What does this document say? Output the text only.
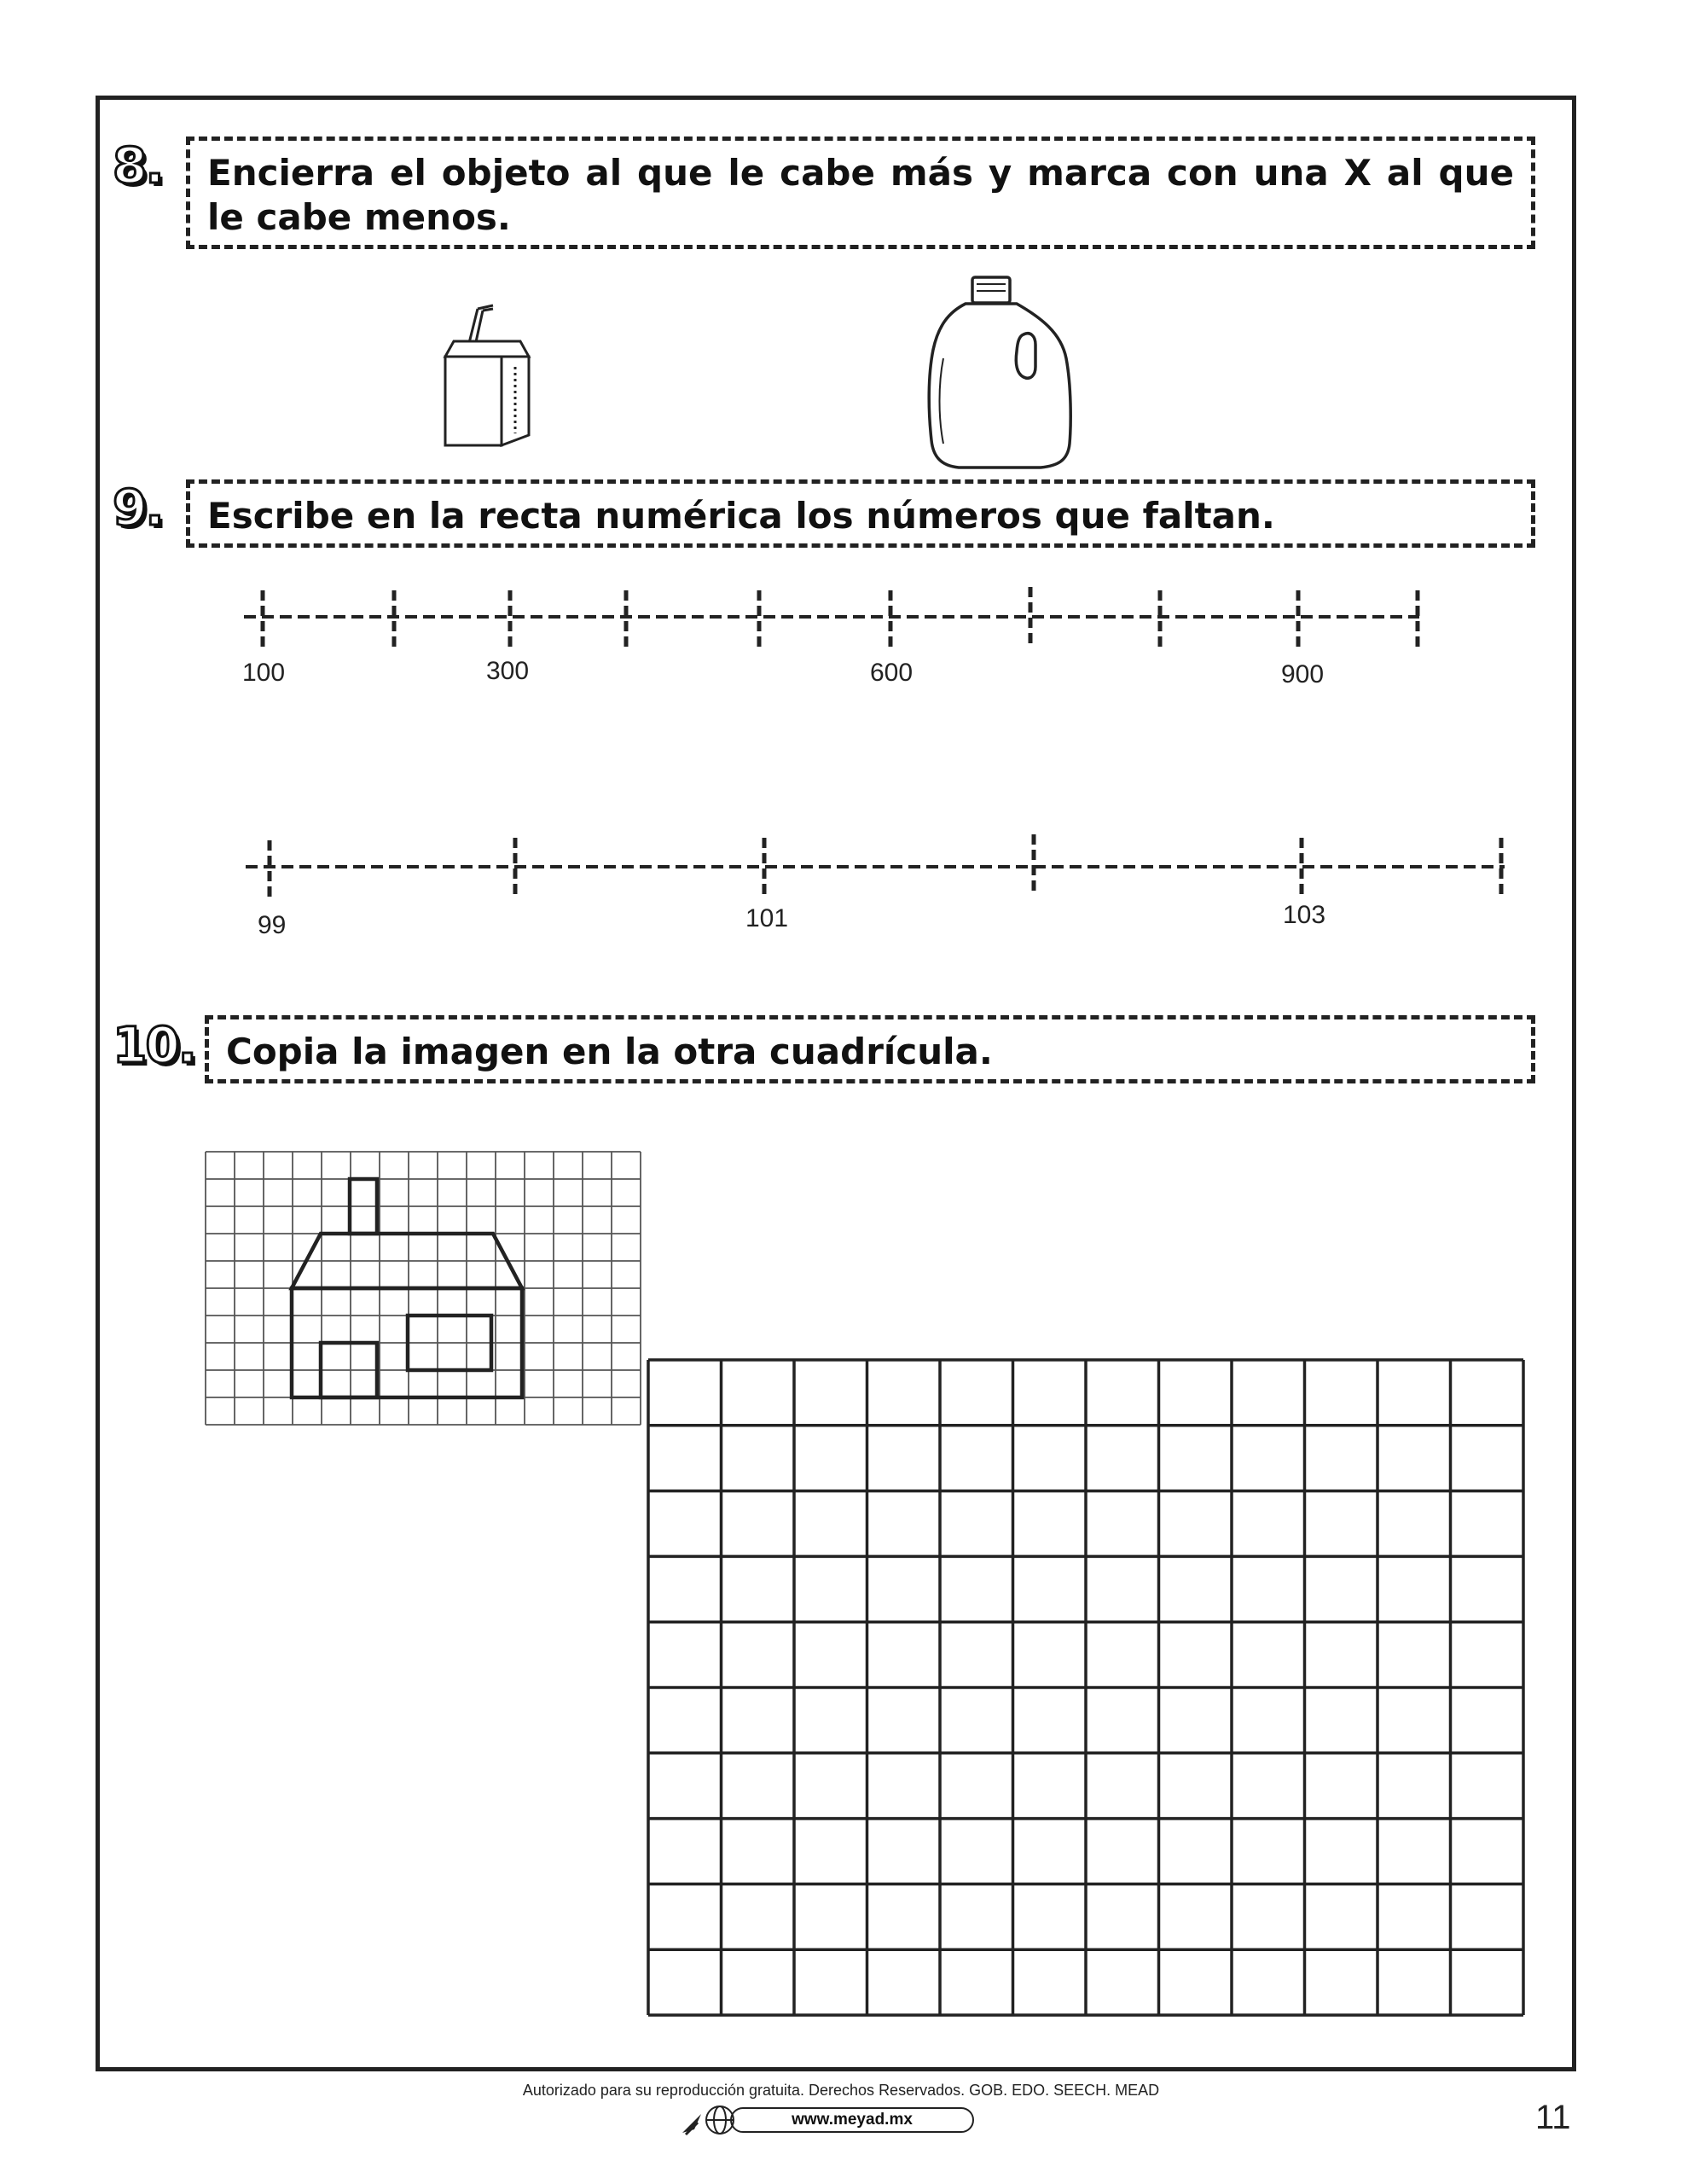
8.	Encierra el objeto al que le cabe más y marca con una X al que le cabe menos.
9.	Escribe en la recta numérica los números que faltan.
100	300	600	900
99	101	103
10. Copia la imagen en la otra cuadrícula.
Autorizado para su reproducción gratuita. Derechos Reservados. GOB. EDO. SEECH. MEAD
www.meyad.mx	11
